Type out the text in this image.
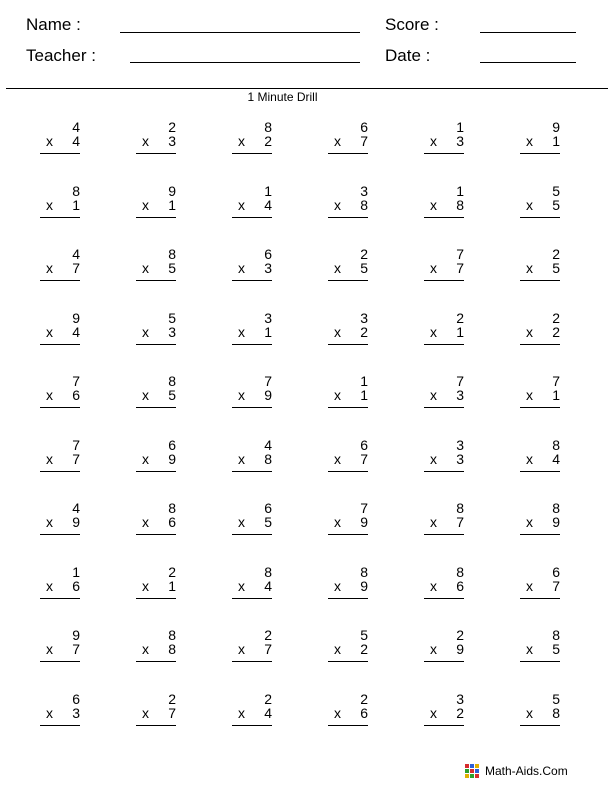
Name :
Teacher :
Score :
Date :
1 Minute Drill
4
x 4
2
x 3
8
x 2
6
x 7
1
x 3
9
x 1
8
x 1
9
x 1
1
x 4
3
x 8
1
x 8
5
x 5
4
x 7
8
x 5
6
x 3
2
x 5
7
x 7
2
x 5
9
x 4
5
x 3
3
x 1
3
x 2
2
x 1
2
x 2
7
x 6
8
x 5
7
x 9
1
x 1
7
x 3
7
x 1
7
x 7
6
x 9
4
x 8
6
x 7
3
x 3
8
x 4
4
x 9
8
x 6
6
x 5
7
x 9
8
x 7
8
x 9
1
x 6
2
x 1
8
x 4
8
x 9
8
x 6
6
x 7
9
x 7
8
x 8
2
x 7
5
x 2
2
x 9
8
x 5
6
x 3
2
x 7
2
x 4
2
x 6
3
x 2
5
x 8
Math-Aids.Com
